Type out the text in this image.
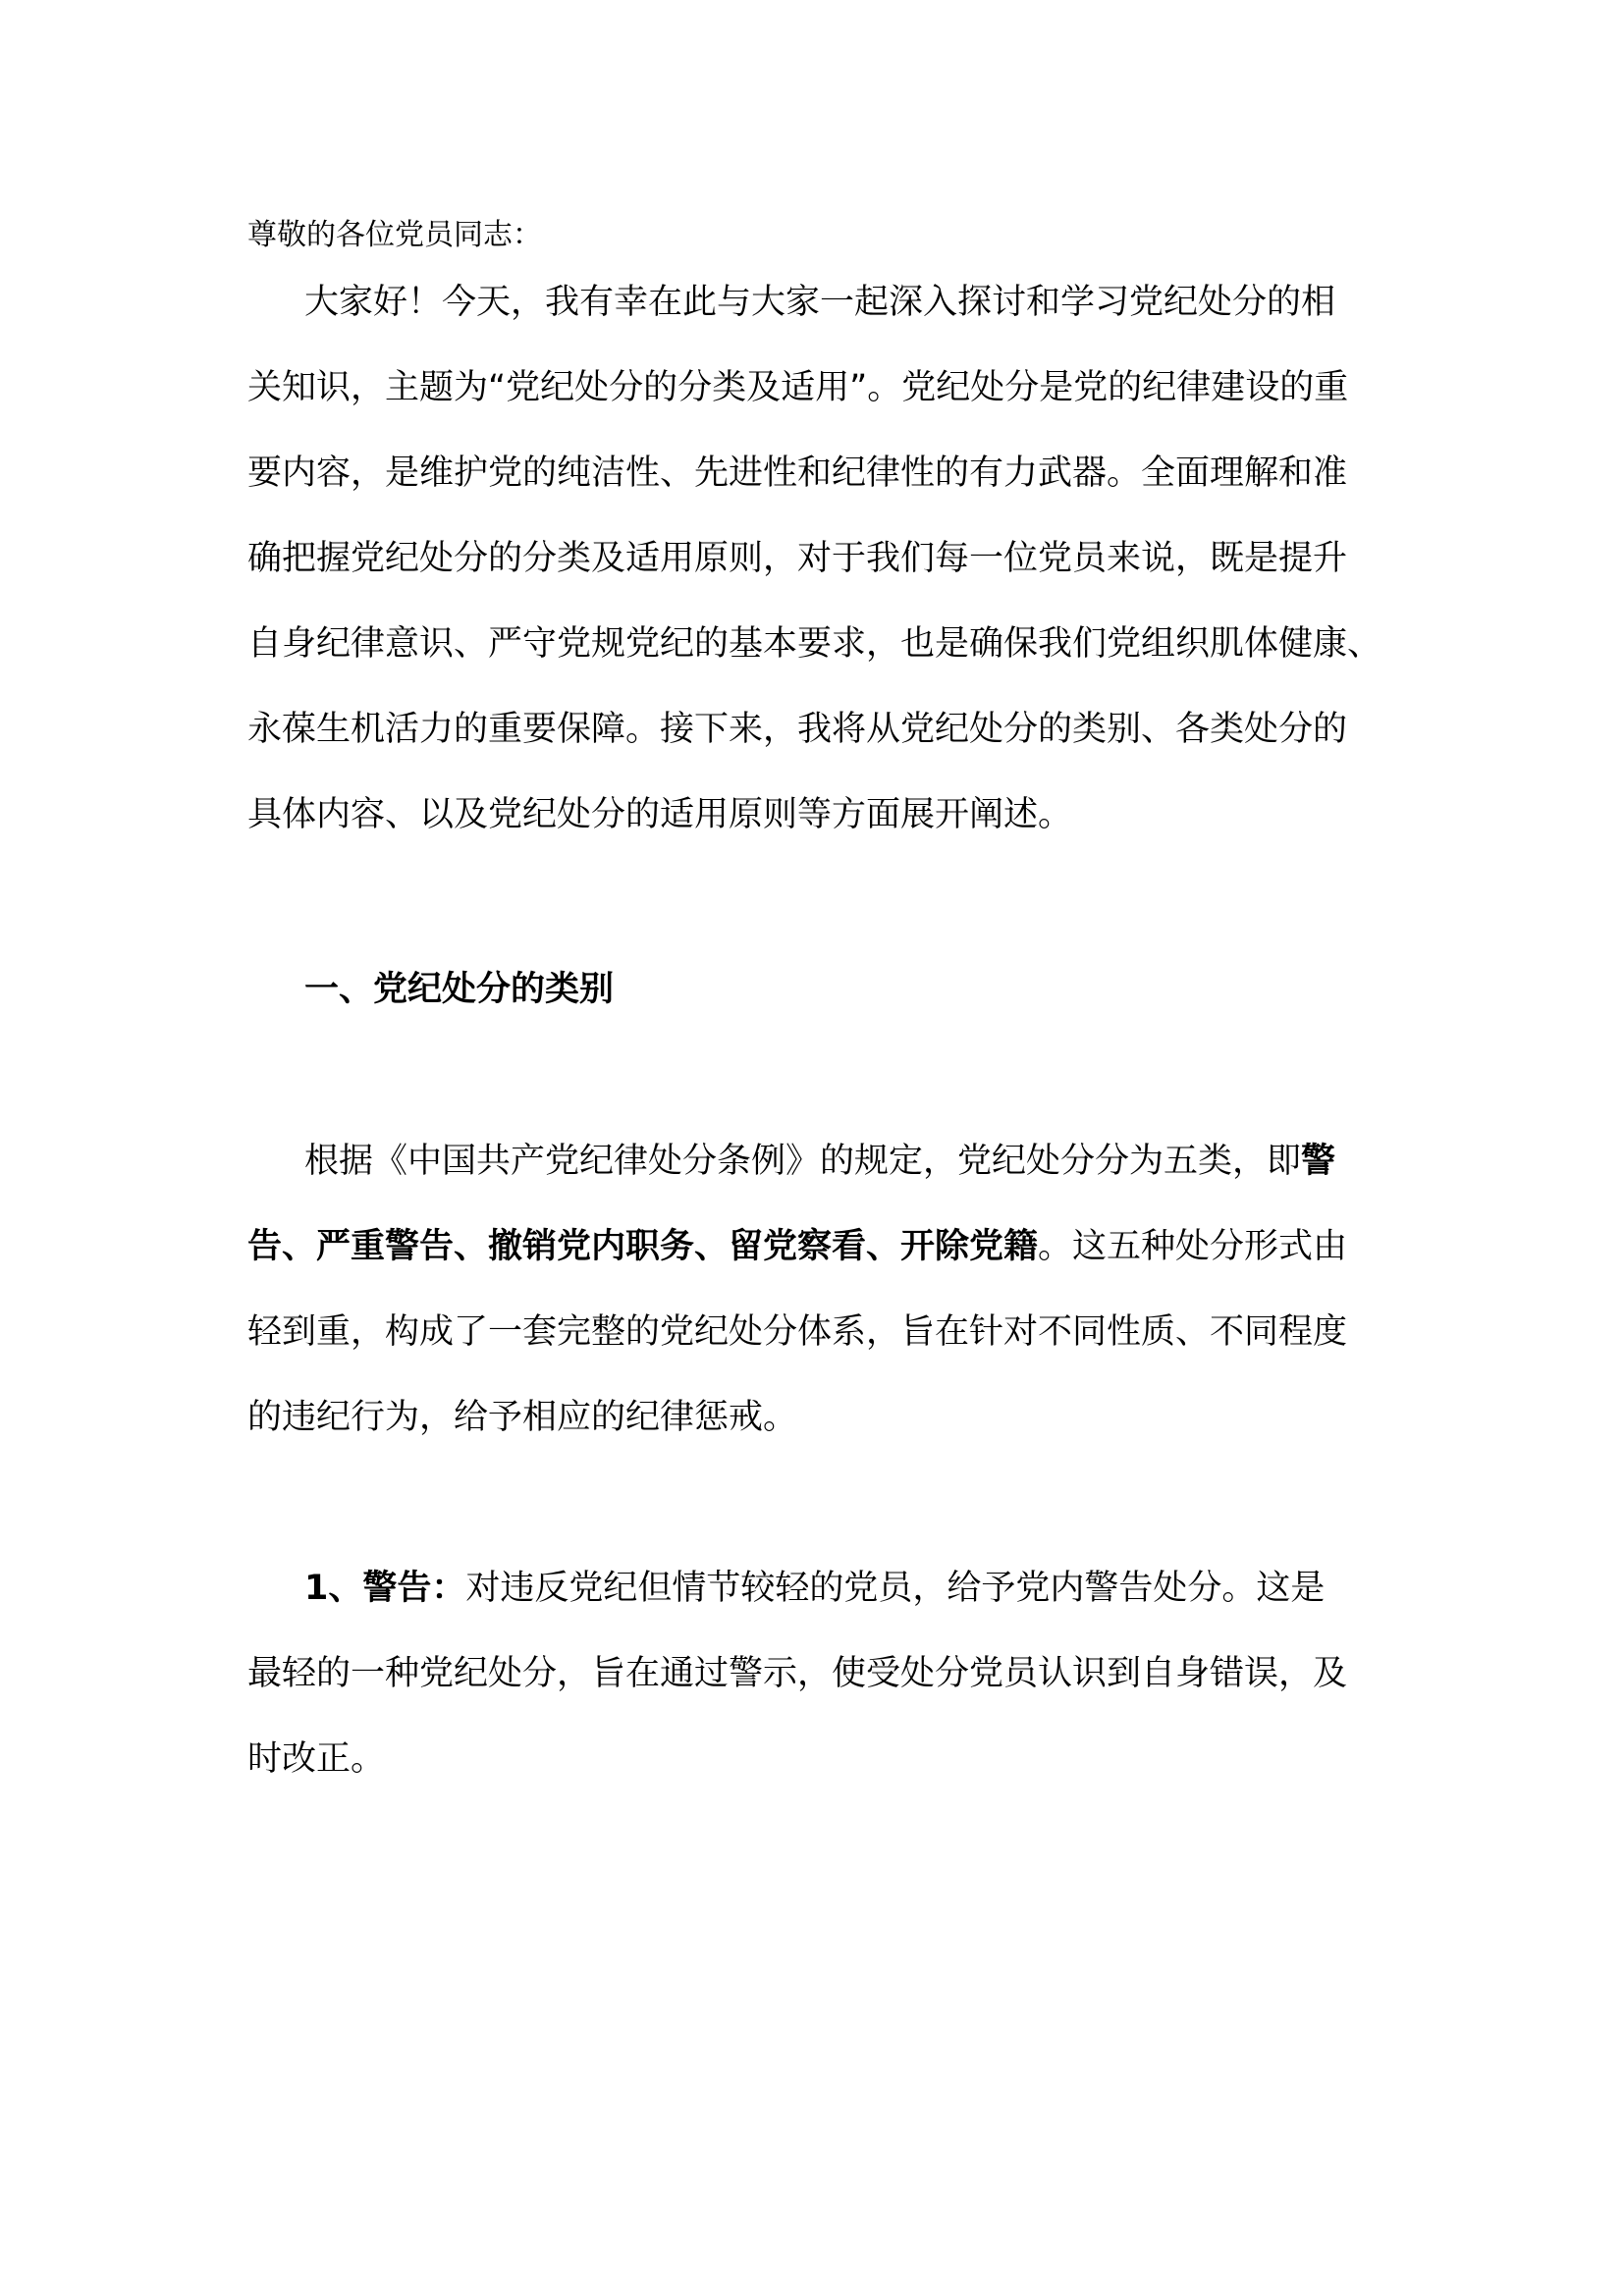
尊敬的各位党员同志：
大家好！今天，我有幸在此与大家一起深入探讨和学习党纪处分的相
关知识，主题为“党纪处分的分类及适用”。党纪处分是党的纪律建设的重
要内容，是维护党的纯洁性、先进性和纪律性的有力武器。全面理解和准
确把握党纪处分的分类及适用原则，对于我们每一位党员来说，既是提升
自身纪律意识、严守党规党纪的基本要求，也是确保我们党组织肌体健康、
永葆生机活力的重要保障。接下来，我将从党纪处分的类别、各类处分的
具体内容、以及党纪处分的适用原则等方面展开阐述。
一、党纪处分的类别
根据《中国共产党纪律处分条例》的规定，党纪处分分为五类，即警
告、严重警告、撤销党内职务、留党察看、开除党籍。这五种处分形式由
轻到重，构成了一套完整的党纪处分体系，旨在针对不同性质、不同程度
的违纪行为，给予相应的纪律惩戒。
1、警告：对违反党纪但情节较轻的党员，给予党内警告处分。这是
最轻的一种党纪处分，旨在通过警示，使受处分党员认识到自身错误，及
时改正。
